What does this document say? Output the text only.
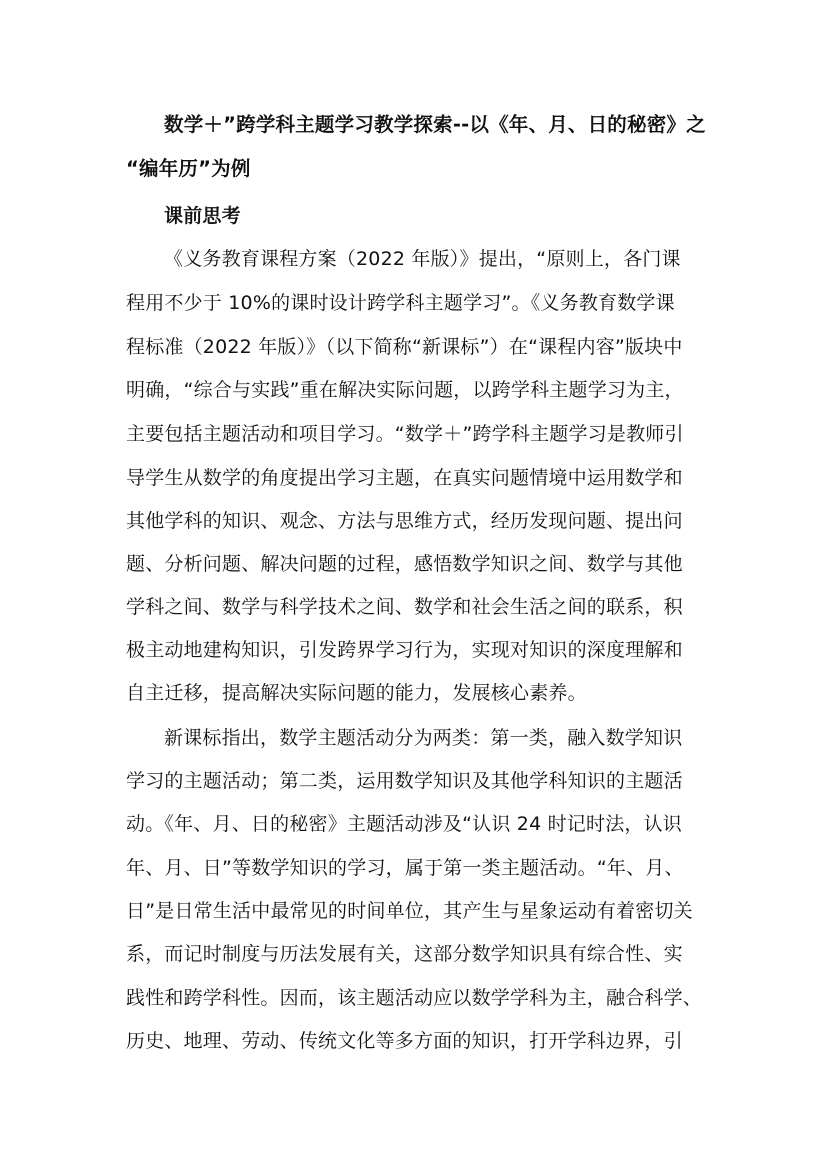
数学＋”跨学科主题学习教学探索--以《年、月、日的秘密》之
“编年历”为例
课前思考
《义务教育课程方案（2022 年版）》提出，“原则上，各门课
程用不少于 10%的课时设计跨学科主题学习”。《义务教育数学课
程标准（2022 年版）》（以下简称“新课标”）在“课程内容”版块中
明确，“综合与实践”重在解决实际问题，以跨学科主题学习为主，
主要包括主题活动和项目学习。“数学＋”跨学科主题学习是教师引
导学生从数学的角度提出学习主题，在真实问题情境中运用数学和
其他学科的知识、观念、方法与思维方式，经历发现问题、提出问
题、分析问题、解决问题的过程，感悟数学知识之间、数学与其他
学科之间、数学与科学技术之间、数学和社会生活之间的联系，积
极主动地建构知识，引发跨界学习行为，实现对知识的深度理解和
自主迁移，提高解决实际问题的能力，发展核心素养。
新课标指出，数学主题活动分为两类：第一类，融入数学知识
学习的主题活动；第二类，运用数学知识及其他学科知识的主题活
动。《年、月、日的秘密》主题活动涉及“认识 24 时记时法，认识
年、月、日”等数学知识的学习，属于第一类主题活动。“年、月、
日”是日常生活中最常见的时间单位，其产生与星象运动有着密切关
系，而记时制度与历法发展有关，这部分数学知识具有综合性、实
践性和跨学科性。因而，该主题活动应以数学学科为主，融合科学、
历史、地理、劳动、传统文化等多方面的知识，打开学科边界，引
